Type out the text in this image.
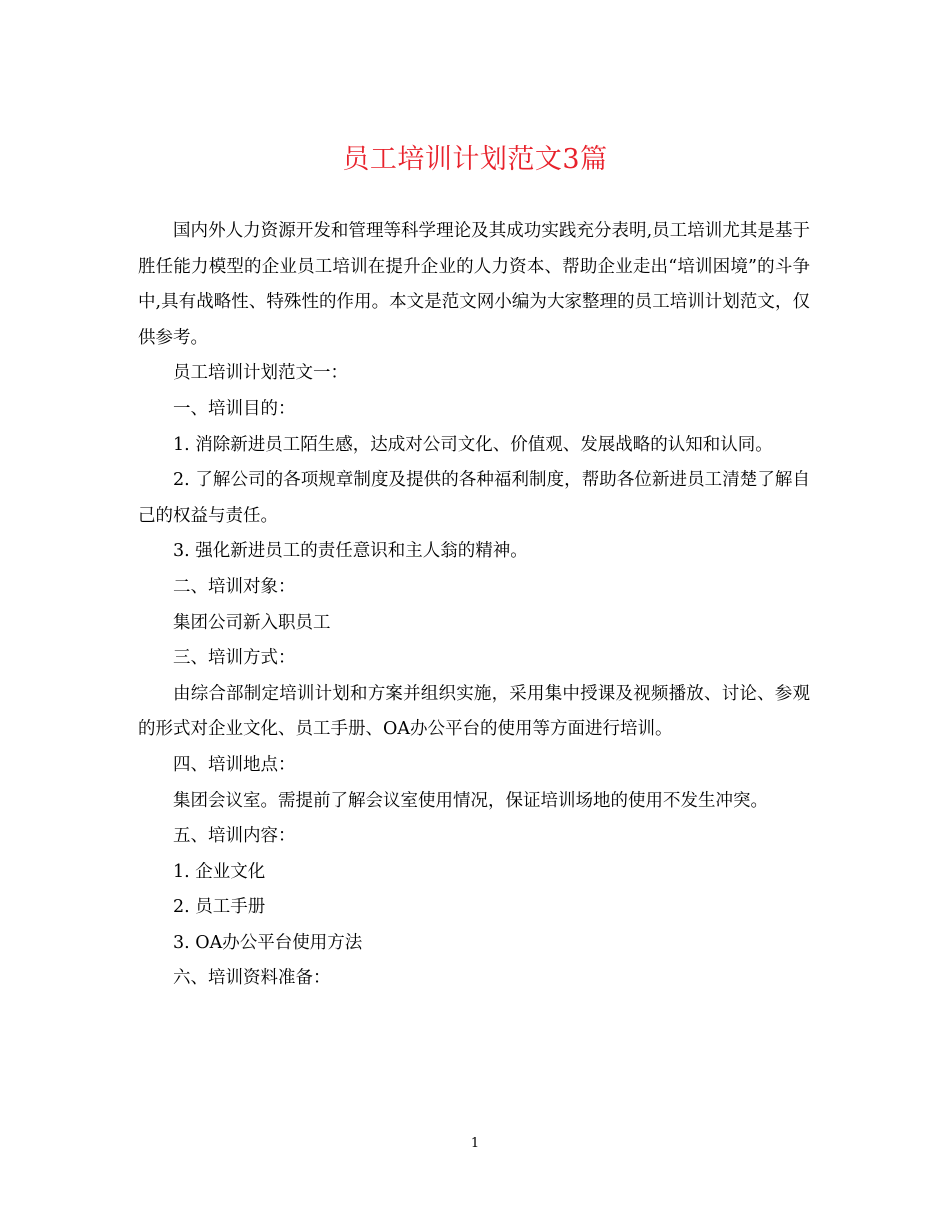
员工培训计划范文3篇

国内外人力资源开发和管理等科学理论及其成功实践充分表明,员工培训尤其是基于胜任能力模型的企业员工培训在提升企业的人力资本、帮助企业走出“培训困境”的斗争中,具有战略性、特殊性的作用。本文是范文网小编为大家整理的员工培训计划范文，仅供参考。

员工培训计划范文一：

一、培训目的：

1. 消除新进员工陌生感，达成对公司文化、价值观、发展战略的认知和认同。

2. 了解公司的各项规章制度及提供的各种福利制度，帮助各位新进员工清楚了解自己的权益与责任。

3. 强化新进员工的责任意识和主人翁的精神。

二、培训对象：

集团公司新入职员工

三、培训方式：

由综合部制定培训计划和方案并组织实施，采用集中授课及视频播放、讨论、参观的形式对企业文化、员工手册、OA办公平台的使用等方面进行培训。

四、培训地点：

集团会议室。需提前了解会议室使用情况，保证培训场地的使用不发生冲突。

五、培训内容：

1. 企业文化

2. 员工手册

3. OA办公平台使用方法

六、培训资料准备：

1
